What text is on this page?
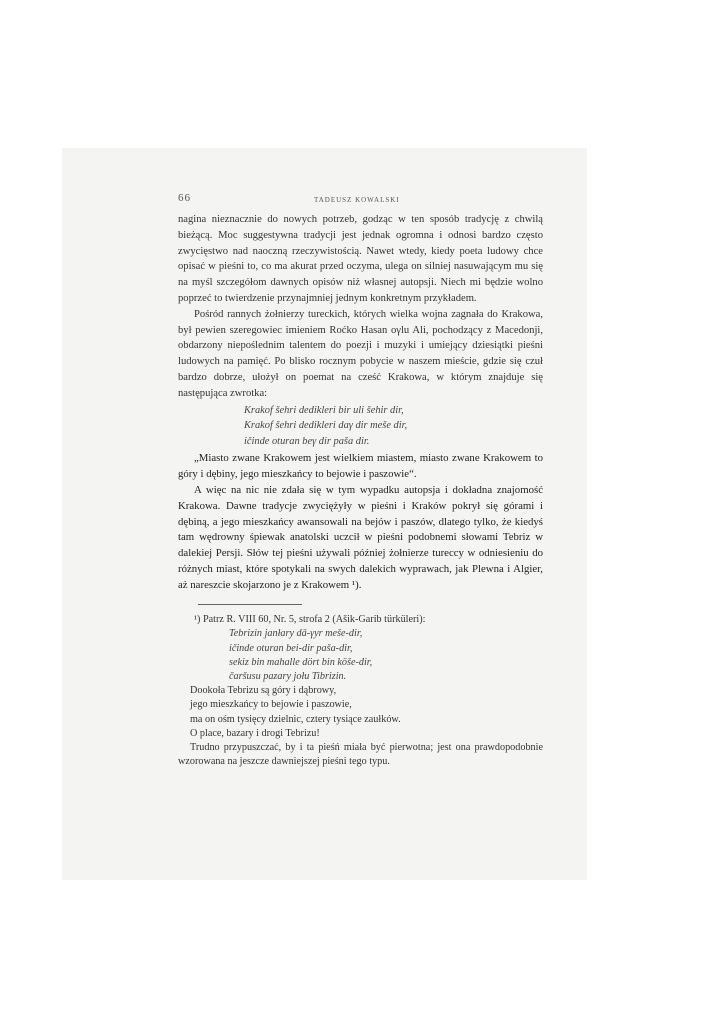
66	TADEUSZ KOWALSKI

nagina nieznacznie do nowych potrzeb, godząc w ten sposób tradycję z chwilą bieżącą. Moc suggestywna tradycji jest jednak ogromna i odnosi bardzo często zwycięstwo nad naoczną rzeczywistością. Nawet wtedy, kiedy poeta ludowy chce opisać w pieśni to, co ma akurat przed oczyma, ulega on silniej nasuwającym mu się na myśl szczegółom dawnych opisów niż własnej autopsji. Niech mi będzie wolno poprzeć to twierdzenie przynajmniej jednym konkretnym przykładem.

Pośród rannych żołnierzy tureckich, których wielka wojna zagnała do Krakowa, był pewien szeregowiec imieniem Roćko Hasan oγlu Ali, pochodzący z Macedonji, obdarzony niepoślednim talentem do poezji i muzyki i umiejący dziesiątki pieśni ludowych na pamięć. Po blisko rocznym pobycie w naszem mieście, gdzie się czuł bardzo dobrze, ułożył on poemat na cześć Krakowa, w którym znajduje się następująca zwrotka:

Krakof šehri dedikleri bir ulі šehir dir,
Krakof šehri dedikleri daγ dir meše dir,
ičinde oturan beγ dir paša dir.

„Miasto zwane Krakowem jest wielkiem miastem, miasto zwane Krakowem to góry i dębiny, jego mieszkańcy to bejowie i paszowie“.

A więc na nic nie zdała się w tym wypadku autopsja i dokładna znajomość Krakowa. Dawne tradycje zwyciężyły w pieśni i Kraków pokrył się górami i dębiną, a jego mieszkańcy awansowali na bejów i paszów, dlatego tylko, że kiedyś tam wędrowny śpiewak anatolski uczcił w pieśni podobnemi słowami Tebriz w dalekiej Persji. Słów tej pieśni używali później żołnierze tureccy w odniesieniu do różnych miast, które spotykali na swych dalekich wyprawach, jak Plewna i Algier, aż nareszcie skojarzono je z Krakowem ¹).

¹) Patrz R. VIII 60, Nr. 5, strofa 2 (Ašik-Garib türküleri):
Tebrizin janłary dā-γyr meše-dir,
ičinde oturan bei-dir paša-dir,
sekiz bin mahalle dört bin köše-dir,
čaršusu pazary jołu Tibrizin.
Dookoła Tebrizu są góry i dąbrowy,
jego mieszkańcy to bejowie i paszowie,
ma on ośm tysięcy dzielnic, cztery tysiące zaułków.
O place, bazary i drogi Tebrizu!
Trudno przypuszczać, by i ta pieśń miała być pierwotna; jest ona prawdopodobnie wzorowana na jeszcze dawniejszej pieśni tego typu.
